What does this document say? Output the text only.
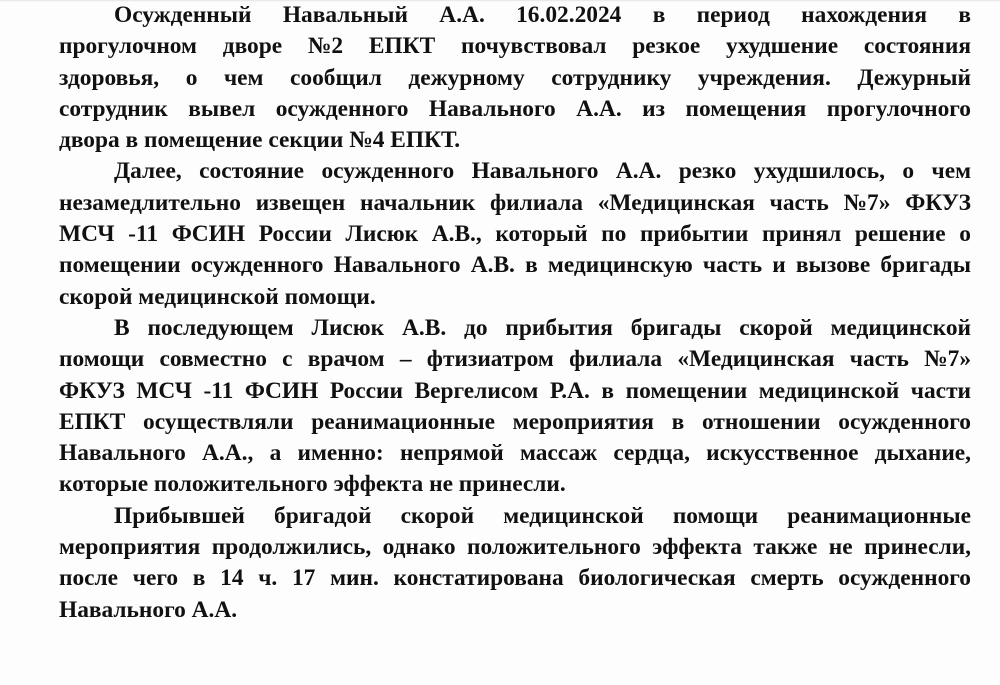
Осужденный Навальный А.А. 16.02.2024 в период нахождения в
прогулочном дворе №2 ЕПКТ почувствовал резкое ухудшение состояния
здоровья, о чем сообщил дежурному сотруднику учреждения. Дежурный
сотрудник вывел осужденного Навального А.А. из помещения прогулочного
двора в помещение секции №4 ЕПКТ.
Далее, состояние осужденного Навального А.А. резко ухудшилось, о чем
незамедлительно извещен начальник филиала «Медицинская часть №7» ФКУЗ
МСЧ -11 ФСИН России Лисюк А.В., который по прибытии принял решение о
помещении осужденного Навального А.В. в медицинскую часть и вызове бригады
скорой медицинской помощи.
В последующем Лисюк А.В. до прибытия бригады скорой медицинской
помощи совместно с врачом – фтизиатром филиала «Медицинская часть №7»
ФКУЗ МСЧ -11 ФСИН России Вергелисом Р.А. в помещении медицинской части
ЕПКТ осуществляли реанимационные мероприятия в отношении осужденного
Навального А.А., а именно: непрямой массаж сердца, искусственное дыхание,
которые положительного эффекта не принесли.
Прибывшей бригадой скорой медицинской помощи реанимационные
мероприятия продолжились, однако положительного эффекта также не принесли,
после чего в 14 ч. 17 мин. констатирована биологическая смерть осужденного
Навального А.А.
